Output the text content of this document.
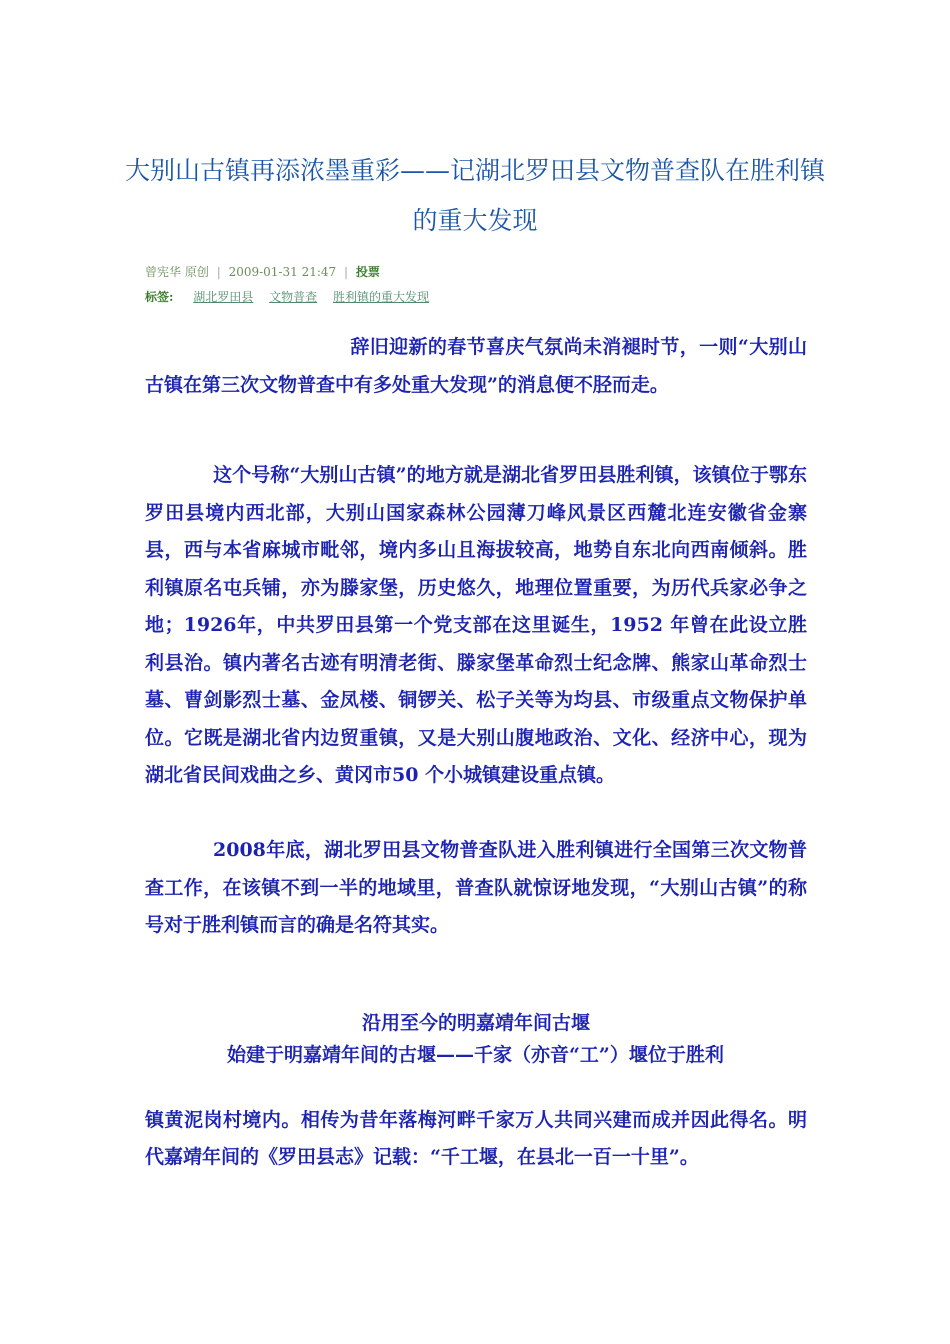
大别山古镇再添浓墨重彩——记湖北罗田县文物普查队在胜利镇的重大发现
曾宪华 原创 | 2009-01-31 21:47 | 投票
标签: 湖北罗田县 文物普查 胜利镇的重大发现

辞旧迎新的春节喜庆气氛尚未消褪时节，一则“大别山古镇在第三次文物普查中有多处重大发现”的消息便不胫而走。

这个号称“大别山古镇”的地方就是湖北省罗田县胜利镇，该镇位于鄂东罗田县境内西北部，大别山国家森林公园薄刀峰风景区西麓北连安徽省金寨县，西与本省麻城市毗邻，境内多山且海拔较高，地势自东北向西南倾斜。胜利镇原名屯兵铺，亦为滕家堡，历史悠久，地理位置重要，为历代兵家必争之地；1926年，中共罗田县第一个党支部在这里诞生，1952 年曾在此设立胜利县治。镇内著名古迹有明清老街、滕家堡革命烈士纪念牌、熊家山革命烈士墓、曹剑影烈士墓、金凤楼、铜锣关、松子关等为均县、市级重点文物保护单位。它既是湖北省内边贸重镇，又是大别山腹地政治、文化、经济中心，现为湖北省民间戏曲之乡、黄冈市50 个小城镇建设重点镇。

2008年底，湖北罗田县文物普查队进入胜利镇进行全国第三次文物普查工作，在该镇不到一半的地域里，普查队就惊讶地发现，“大别山古镇”的称号对于胜利镇而言的确是名符其实。

沿用至今的明嘉靖年间古堰

始建于明嘉靖年间的古堰——千家（亦音“工”）堰位于胜利

镇黄泥岗村境内。相传为昔年落梅河畔千家万人共同兴建而成并因此得名。明代嘉靖年间的《罗田县志》记载：“千工堰，在县北一百一十里”。
